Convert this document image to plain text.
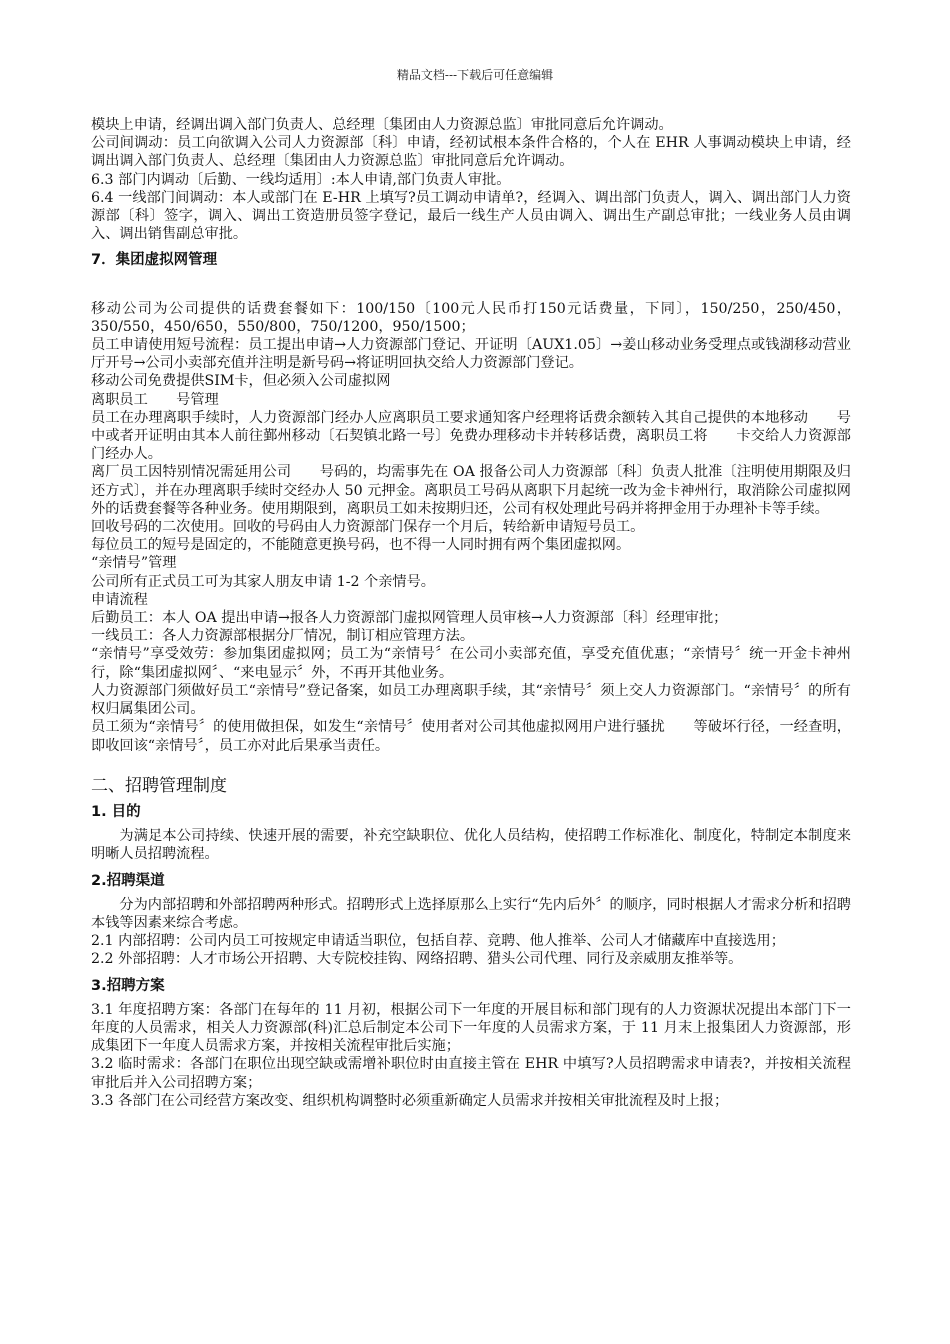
精品文档---下载后可任意编辑

模块上申请，经调出调入部门负责人、总经理〔集团由人力资源总监〕审批同意后允许调动。

公司间调动：员工向欲调入公司人力资源部〔科〕申请，经初试根本条件合格的，个人在 EHR 人事调动模块上申请，经调出调入部门负责人、总经理〔集团由人力资源总监〕审批同意后允许调动。

6.3 部门内调动〔后勤、一线均适用〕:本人申请,部门负责人审批。

6.4 一线部门间调动：本人或部门在 E-HR 上填写?员工调动申请单?，经调入、调出部门负责人，调入、调出部门人力资源部〔科〕签字，调入、调出工资造册员签字登记，最后一线生产人员由调入、调出生产副总审批；一线业务人员由调入、调出销售副总审批。

7．集团虚拟网管理

移动公司为公司提供的话费套餐如下：100/150〔100元人民币打150元话费量，下同〕，150/250，250/450，350/550，450/650，550/800，750/1200，950/1500；

员工申请使用短号流程：员工提出申请→人力资源部门登记、开证明〔AUX1.05〕→姜山移动业务受理点或钱湖移动营业厅开号→公司小卖部充值并注明是新号码→将证明回执交给人力资源部门登记。

移动公司免费提供SIM卡，但必须入公司虚拟网

离职员工　　号管理

员工在办理离职手续时，人力资源部门经办人应离职员工要求通知客户经理将话费余额转入其自己提供的本地移动　　号中或者开证明由其本人前往鄞州移动〔石契镇北路一号〕免费办理移动卡并转移话费，离职员工将　　卡交给人力资源部门经办人。

离厂员工因特别情况需延用公司　　号码的，均需事先在 OA 报备公司人力资源部〔科〕负责人批准〔注明使用期限及归还方式〕，并在办理离职手续时交经办人 50 元押金。离职员工号码从离职下月起统一改为金卡神州行，取消除公司虚拟网外的话费套餐等各种业务。使用期限到，离职员工如未按期归还，公司有权处理此号码并将押金用于办理补卡等手续。

回收号码的二次使用。回收的号码由人力资源部门保存一个月后，转给新申请短号员工。

每位员工的短号是固定的，不能随意更换号码，也不得一人同时拥有两个集团虚拟网。

“亲情号”管理

公司所有正式员工可为其家人朋友申请 1-2 个亲情号。

申请流程

后勤员工：本人 OA 提出申请→报各人力资源部门虚拟网管理人员审核→人力资源部〔科〕经理审批；

一线员工：各人力资源部根据分厂情况，制订相应管理方法。

“亲情号”享受效劳：参加集团虚拟网；员工为“亲情号〞在公司小卖部充值，享受充值优惠；“亲情号〞统一开金卡神州行，除“集团虚拟网〞、“来电显示〞外，不再开其他业务。

人力资源部门须做好员工“亲情号”登记备案，如员工办理离职手续，其“亲情号〞须上交人力资源部门。“亲情号〞的所有权归属集团公司。

员工须为“亲情号〞的使用做担保，如发生“亲情号〞使用者对公司其他虚拟网用户进行骚扰　　等破坏行径，一经查明，即收回该“亲情号〞，员工亦对此后果承当责任。

二、招聘管理制度
1. 目的

为满足本公司持续、快速开展的需要，补充空缺职位、优化人员结构，使招聘工作标准化、制度化，特制定本制度来明晰人员招聘流程。

2.招聘渠道

分为内部招聘和外部招聘两种形式。招聘形式上选择原那么上实行“先内后外〞的顺序，同时根据人才需求分析和招聘本钱等因素来综合考虑。

2.1 内部招聘：公司内员工可按规定申请适当职位，包括自荐、竞聘、他人推举、公司人才储藏库中直接选用；

2.2 外部招聘：人才市场公开招聘、大专院校挂钩、网络招聘、猎头公司代理、同行及亲威朋友推举等。

3.招聘方案

3.1 年度招聘方案：各部门在每年的 11 月初，根据公司下一年度的开展目标和部门现有的人力资源状况提出本部门下一年度的人员需求，相关人力资源部(科)汇总后制定本公司下一年度的人员需求方案，于 11 月末上报集团人力资源部，形成集团下一年度人员需求方案，并按相关流程审批后实施；

3.2 临时需求：各部门在职位出现空缺或需增补职位时由直接主管在 EHR 中填写?人员招聘需求申请表?，并按相关流程审批后并入公司招聘方案；

3.3 各部门在公司经营方案改变、组织机构调整时必须重新确定人员需求并按相关审批流程及时上报；
